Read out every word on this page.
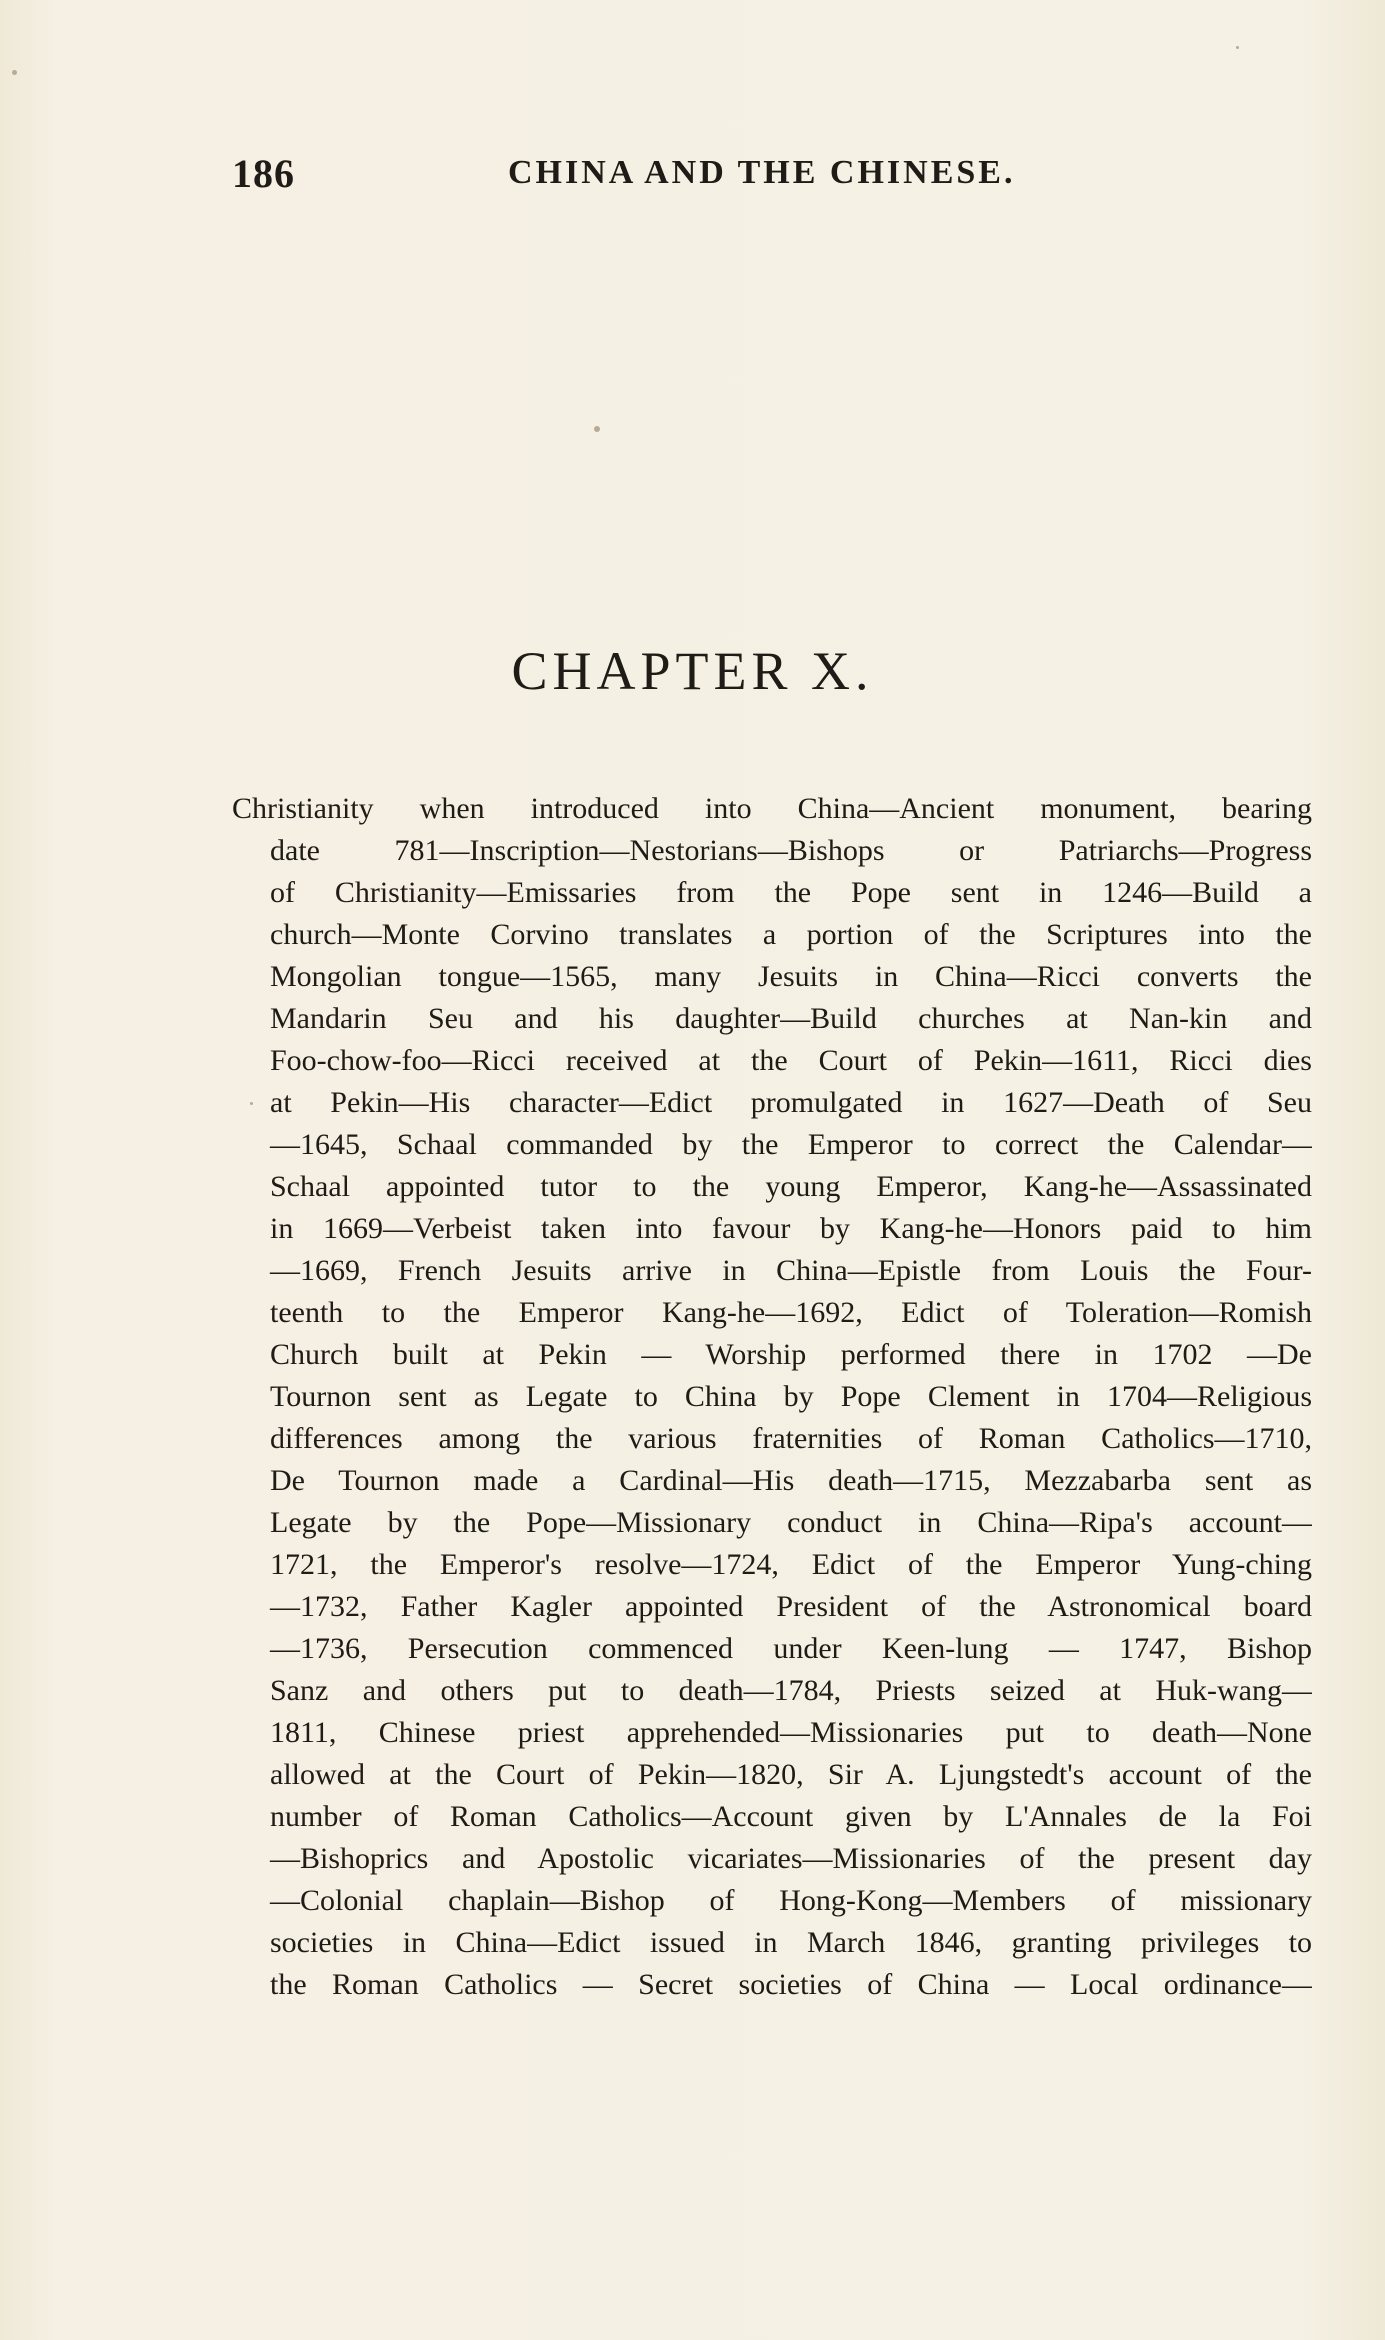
186	CHINA AND THE CHINESE.
CHAPTER X.
Christianity when introduced into China—Ancient monument, bearing
date 781—Inscription—Nestorians—Bishops or Patriarchs—Progress
of Christianity—Emissaries from the Pope sent in 1246—Build a
church—Monte Corvino translates a portion of the Scriptures into the
Mongolian tongue—1565, many Jesuits in China—Ricci converts the
Mandarin Seu and his daughter—Build churches at Nan-kin and
Foo-chow-foo—Ricci received at the Court of Pekin—1611, Ricci dies
at Pekin—His character—Edict promulgated in 1627—Death of Seu
—1645, Schaal commanded by the Emperor to correct the Calendar—
Schaal appointed tutor to the young Emperor, Kang-he—Assassinated
in 1669—Verbeist taken into favour by Kang-he—Honors paid to him
—1669, French Jesuits arrive in China—Epistle from Louis the Four-
teenth to the Emperor Kang-he—1692, Edict of Toleration—Romish
Church built at Pekin — Worship performed there in 1702 —De
Tournon sent as Legate to China by Pope Clement in 1704—Religious
differences among the various fraternities of Roman Catholics—1710,
De Tournon made a Cardinal—His death—1715, Mezzabarba sent as
Legate by the Pope—Missionary conduct in China—Ripa's account—
1721, the Emperor's resolve—1724, Edict of the Emperor Yung-ching
—1732, Father Kagler appointed President of the Astronomical board
—1736, Persecution commenced under Keen-lung — 1747, Bishop
Sanz and others put to death—1784, Priests seized at Huk-wang—
1811, Chinese priest apprehended—Missionaries put to death—None
allowed at the Court of Pekin—1820, Sir A. Ljungstedt's account of the
number of Roman Catholics—Account given by L'Annales de la Foi
—Bishoprics and Apostolic vicariates—Missionaries of the present day
—Colonial chaplain—Bishop of Hong-Kong—Members of missionary
societies in China—Edict issued in March 1846, granting privileges to
the Roman Catholics — Secret societies of China — Local ordinance—
